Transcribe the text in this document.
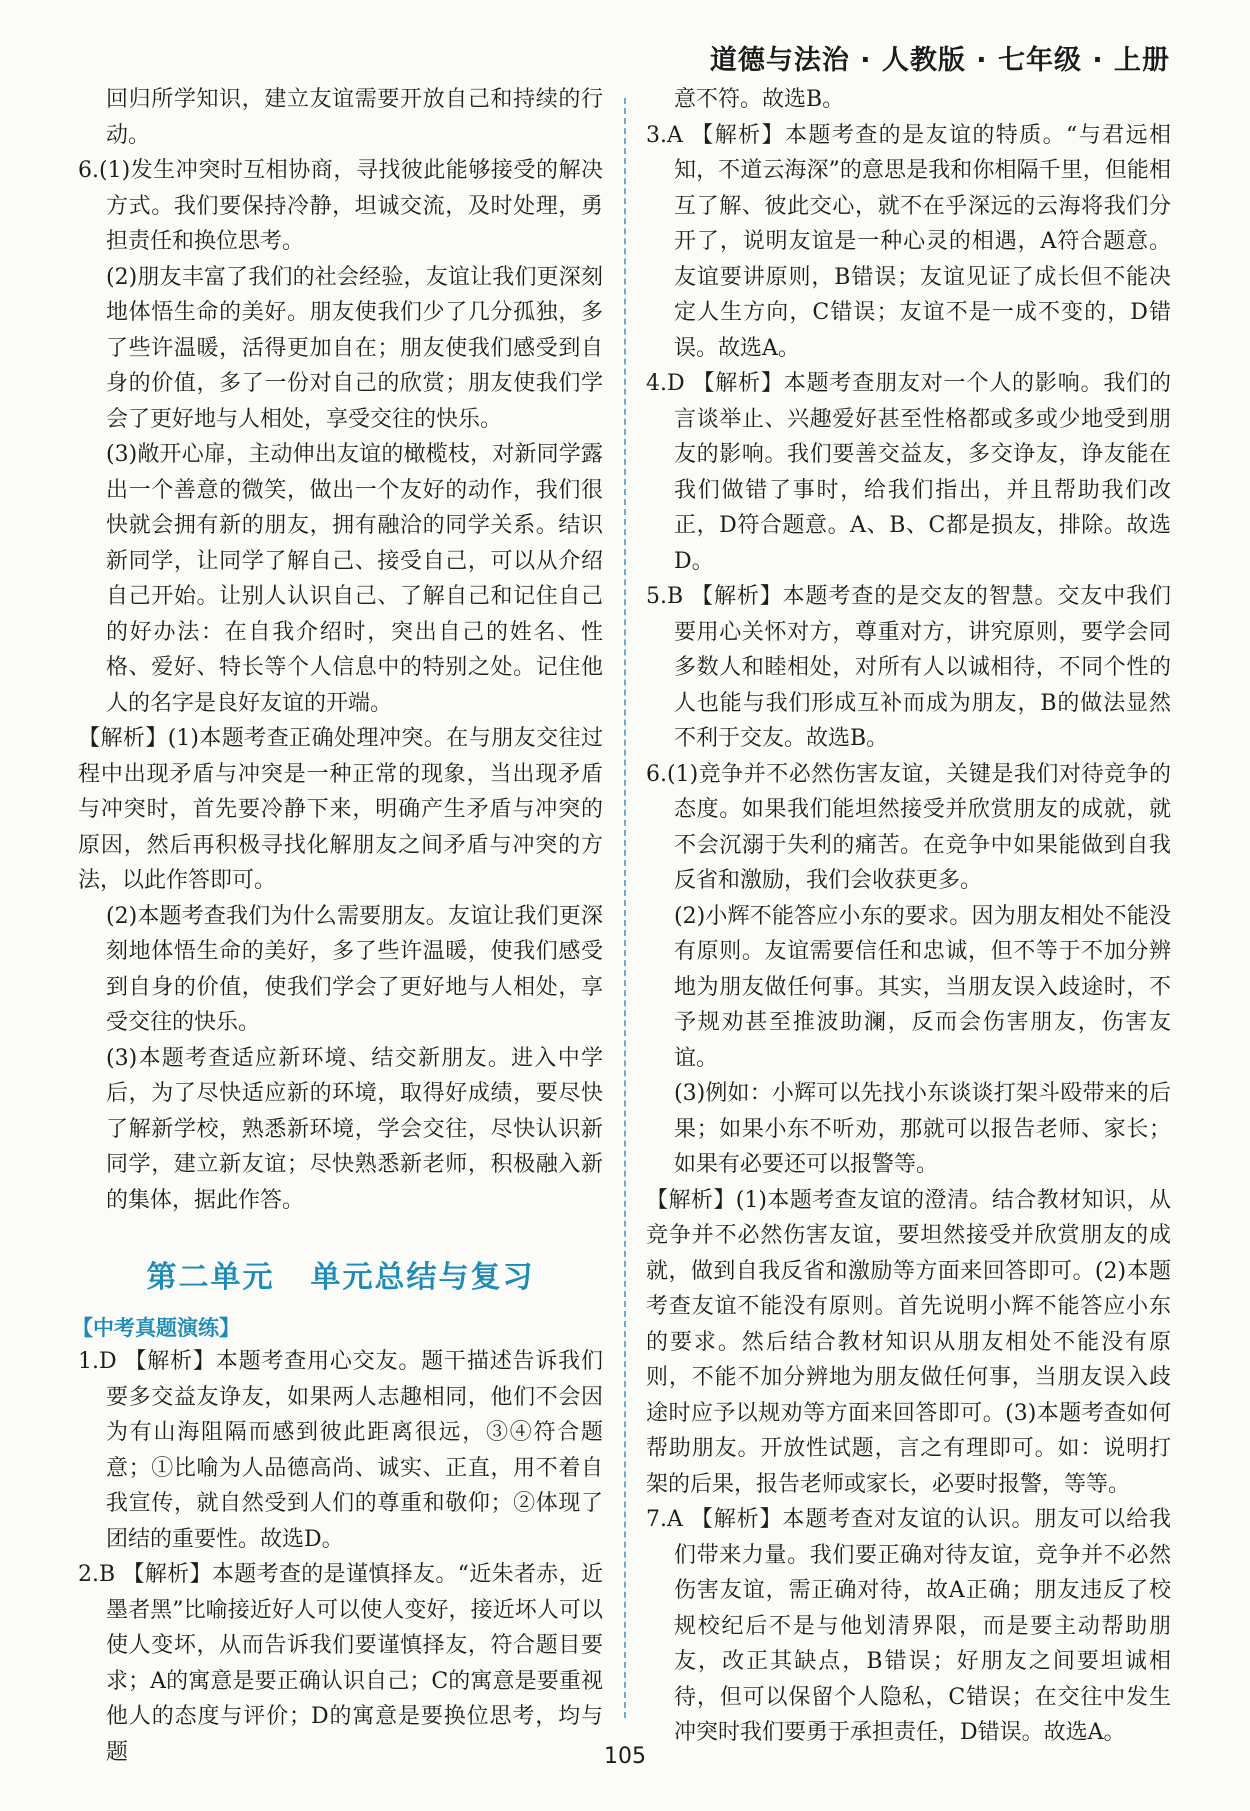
道德与法治 · 人教版 · 七年级 · 上册

回归所学知识，建立友谊需要开放自己和持续的行动。

6.(1)发生冲突时互相协商，寻找彼此能够接受的解决方式。我们要保持冷静，坦诚交流，及时处理，勇担责任和换位思考。

(2)朋友丰富了我们的社会经验，友谊让我们更深刻地体悟生命的美好。朋友使我们少了几分孤独，多了些许温暖，活得更加自在；朋友使我们感受到自身的价值，多了一份对自己的欣赏；朋友使我们学会了更好地与人相处，享受交往的快乐。

(3)敞开心扉，主动伸出友谊的橄榄枝，对新同学露出一个善意的微笑，做出一个友好的动作，我们很快就会拥有新的朋友，拥有融洽的同学关系。结识新同学，让同学了解自己、接受自己，可以从介绍自己开始。让别人认识自己、了解自己和记住自己的好办法：在自我介绍时，突出自己的姓名、性格、爱好、特长等个人信息中的特别之处。记住他人的名字是良好友谊的开端。

【解析】(1)本题考查正确处理冲突。在与朋友交往过程中出现矛盾与冲突是一种正常的现象，当出现矛盾与冲突时，首先要冷静下来，明确产生矛盾与冲突的原因，然后再积极寻找化解朋友之间矛盾与冲突的方法，以此作答即可。

(2)本题考查我们为什么需要朋友。友谊让我们更深刻地体悟生命的美好，多了些许温暖，使我们感受到自身的价值，使我们学会了更好地与人相处，享受交往的快乐。

(3)本题考查适应新环境、结交新朋友。进入中学后，为了尽快适应新的环境，取得好成绩，要尽快了解新学校，熟悉新环境，学会交往，尽快认识新同学，建立新友谊；尽快熟悉新老师，积极融入新的集体，据此作答。

第二单元 单元总结与复习
【中考真题演练】

1.D 【解析】本题考查用心交友。题干描述告诉我们要多交益友诤友，如果两人志趣相同，他们不会因为有山海阻隔而感到彼此距离很远，③④符合题意；①比喻为人品德高尚、诚实、正直，用不着自我宣传，就自然受到人们的尊重和敬仰；②体现了团结的重要性。故选D。

2.B 【解析】本题考查的是谨慎择友。“近朱者赤，近墨者黑”比喻接近好人可以使人变好，接近坏人可以使人变坏，从而告诉我们要谨慎择友，符合题目要求；A的寓意是要正确认识自己；C的寓意是要重视他人的态度与评价；D的寓意是要换位思考，均与题

意不符。故选B。

3.A 【解析】本题考查的是友谊的特质。“与君远相知，不道云海深”的意思是我和你相隔千里，但能相互了解、彼此交心，就不在乎深远的云海将我们分开了，说明友谊是一种心灵的相遇，A符合题意。友谊要讲原则，B错误；友谊见证了成长但不能决定人生方向，C错误；友谊不是一成不变的，D错误。故选A。

4.D 【解析】本题考查朋友对一个人的影响。我们的言谈举止、兴趣爱好甚至性格都或多或少地受到朋友的影响。我们要善交益友，多交诤友，诤友能在我们做错了事时，给我们指出，并且帮助我们改正，D符合题意。A、B、C都是损友，排除。故选D。

5.B 【解析】本题考查的是交友的智慧。交友中我们要用心关怀对方，尊重对方，讲究原则，要学会同多数人和睦相处，对所有人以诚相待，不同个性的人也能与我们形成互补而成为朋友，B的做法显然不利于交友。故选B。

6.(1)竞争并不必然伤害友谊，关键是我们对待竞争的态度。如果我们能坦然接受并欣赏朋友的成就，就不会沉溺于失利的痛苦。在竞争中如果能做到自我反省和激励，我们会收获更多。

(2)小辉不能答应小东的要求。因为朋友相处不能没有原则。友谊需要信任和忠诚，但不等于不加分辨地为朋友做任何事。其实，当朋友误入歧途时，不予规劝甚至推波助澜，反而会伤害朋友，伤害友谊。

(3)例如：小辉可以先找小东谈谈打架斗殴带来的后果；如果小东不听劝，那就可以报告老师、家长；如果有必要还可以报警等。

【解析】(1)本题考查友谊的澄清。结合教材知识，从竞争并不必然伤害友谊，要坦然接受并欣赏朋友的成就，做到自我反省和激励等方面来回答即可。(2)本题考查友谊不能没有原则。首先说明小辉不能答应小东的要求。然后结合教材知识从朋友相处不能没有原则，不能不加分辨地为朋友做任何事，当朋友误入歧途时应予以规劝等方面来回答即可。(3)本题考查如何帮助朋友。开放性试题，言之有理即可。如：说明打架的后果，报告老师或家长，必要时报警，等等。

7.A 【解析】本题考查对友谊的认识。朋友可以给我们带来力量。我们要正确对待友谊，竞争并不必然伤害友谊，需正确对待，故A正确；朋友违反了校规校纪后不是与他划清界限，而是要主动帮助朋友，改正其缺点，B错误；好朋友之间要坦诚相待，但可以保留个人隐私，C错误；在交往中发生冲突时我们要勇于承担责任，D错误。故选A。

105
